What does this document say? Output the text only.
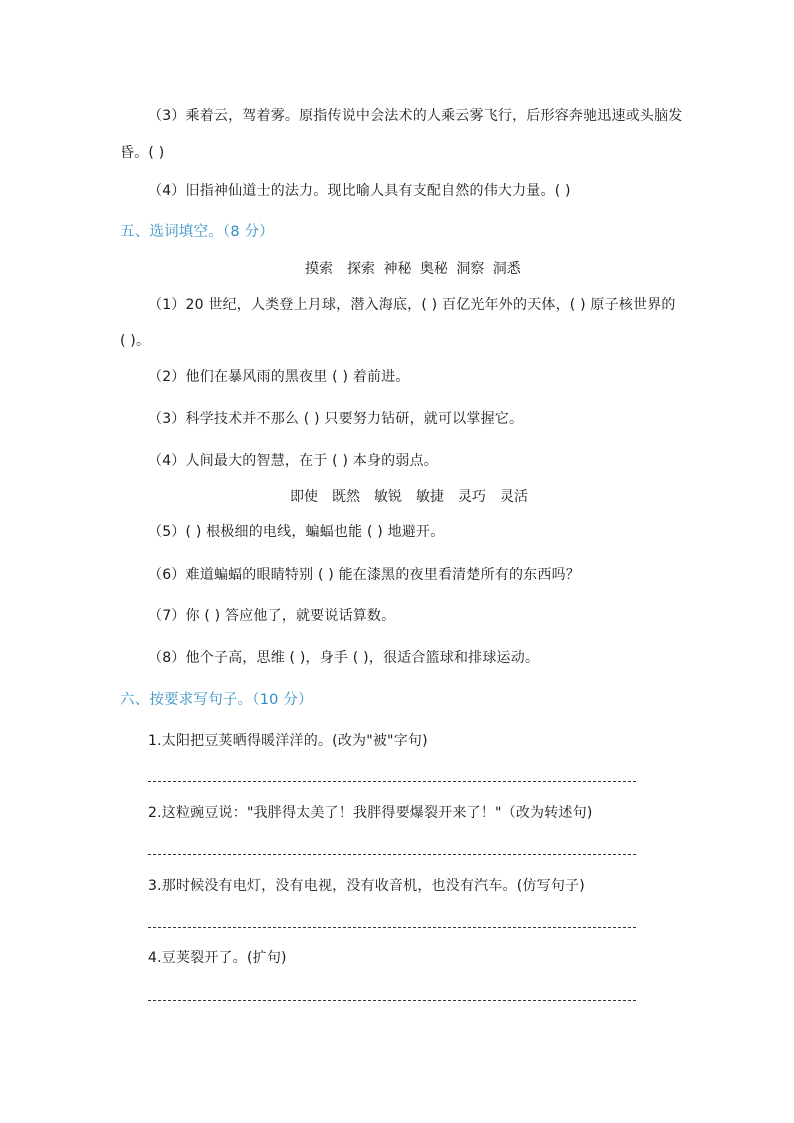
（3）乘着云，驾着雾。原指传说中会法术的人乘云雾飞行，后形容奔驰迅速或头脑发
昏。( )
（4）旧指神仙道士的法力。现比喻人具有支配自然的伟大力量。( )
五、选词填空。（8 分）
摸索　探索 神秘 奥秘 洞察 洞悉
（1）20 世纪，人类登上月球，潜入海底，( ) 百亿光年外的天体，( ) 原子核世界的
( )。
（2）他们在暴风雨的黑夜里 ( ) 着前进。
（3）科学技术并不那么 ( ) 只要努力钻研，就可以掌握它。
（4）人间最大的智慧，在于 ( ) 本身的弱点。
即使　既然　敏锐　敏捷　灵巧　灵活
（5）( ) 根极细的电线，蝙蝠也能 ( ) 地避开。
（6）难道蝙蝠的眼睛特别 ( ) 能在漆黑的夜里看清楚所有的东西吗？
（7）你 ( ) 答应他了，就要说话算数。
（8）他个子高，思维 ( )，身手 ( )，很适合篮球和排球运动。
六、按要求写句子。（10 分）
1.太阳把豆荚晒得暖洋洋的。(改为"被"字句)
2.这粒豌豆说："我胖得太美了！我胖得要爆裂开来了！"（改为转述句)
3.那时候没有电灯，没有电视，没有收音机，也没有汽车。(仿写句子)
4.豆荚裂开了。(扩句)
